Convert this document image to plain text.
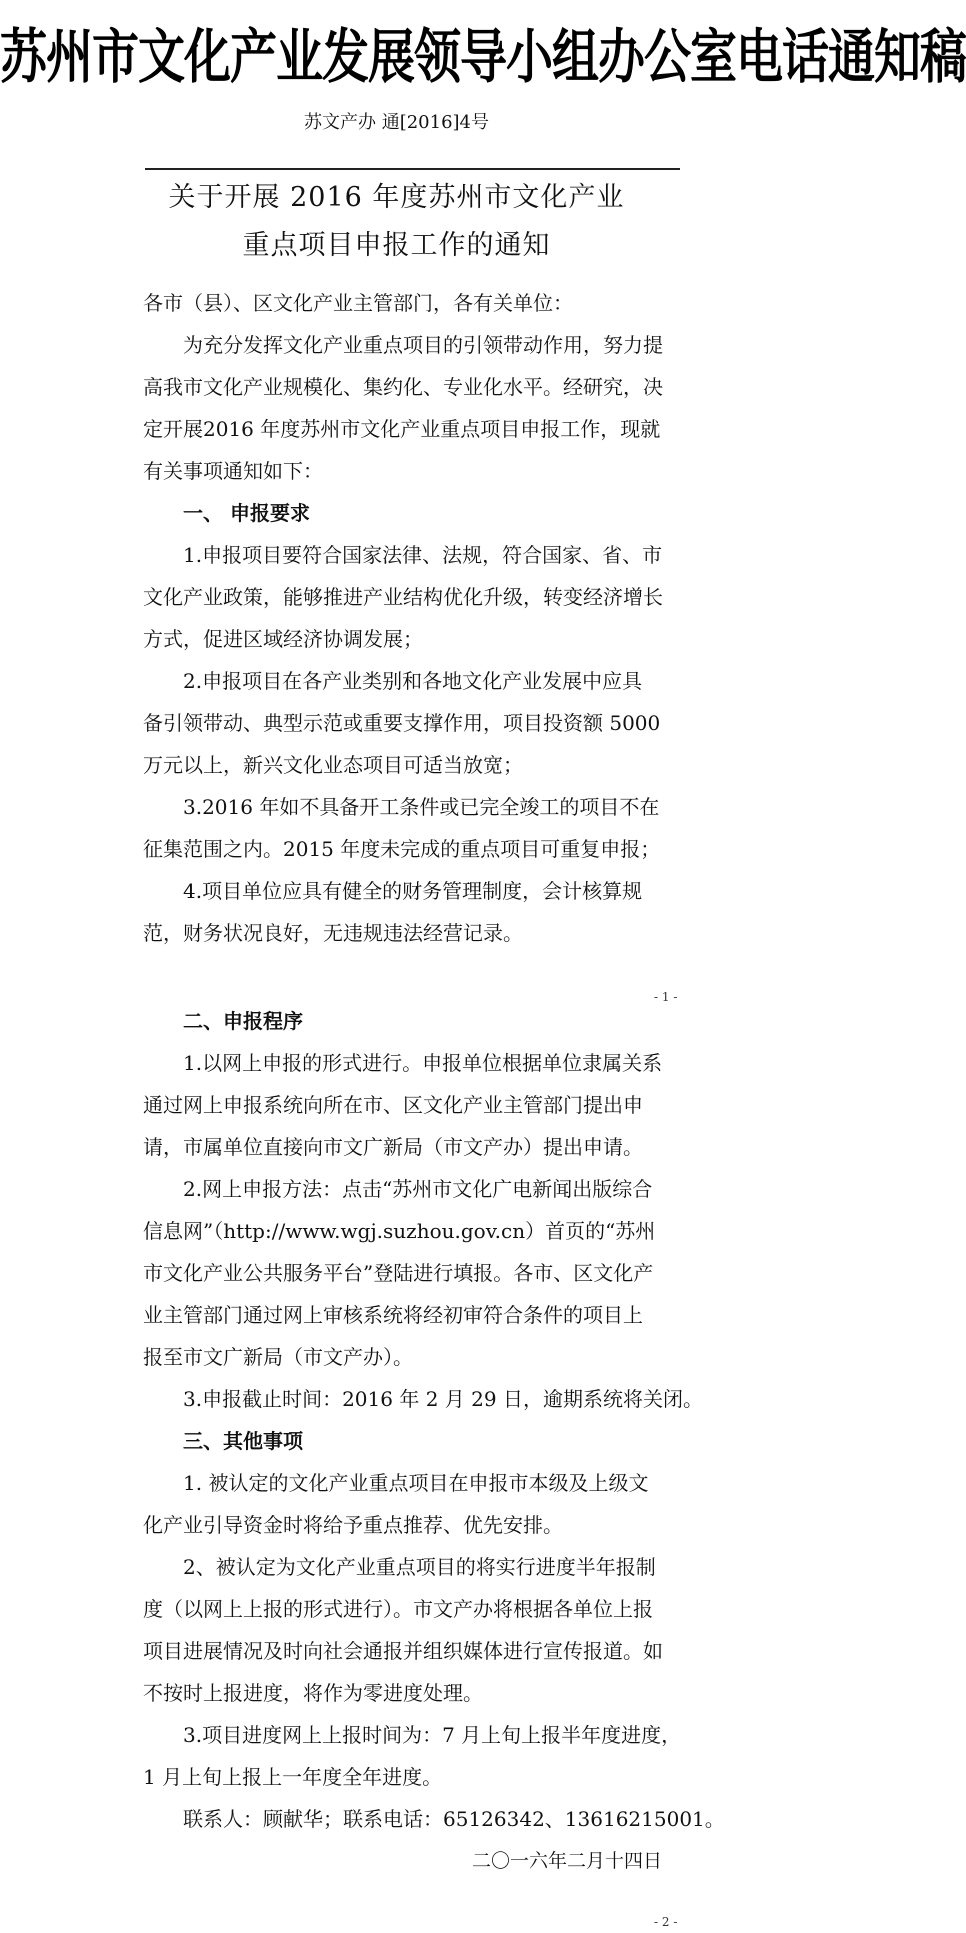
苏州市文化产业发展领导小组办公室电话通知稿
苏文产办 通[2016]4号
关于开展 2016 年度苏州市文化产业
重点项目申报工作的通知
各市（县）、区文化产业主管部门，各有关单位：
　　为充分发挥文化产业重点项目的引领带动作用，努力提
高我市文化产业规模化、集约化、专业化水平。经研究，决
定开展2016 年度苏州市文化产业重点项目申报工作，现就
有关事项通知如下：
　　一、 申报要求
　　1.申报项目要符合国家法律、法规，符合国家、省、市
文化产业政策，能够推进产业结构优化升级，转变经济增长
方式，促进区域经济协调发展；
　　2.申报项目在各产业类别和各地文化产业发展中应具
备引领带动、典型示范或重要支撑作用，项目投资额 5000
万元以上，新兴文化业态项目可适当放宽；
　　3.2016 年如不具备开工条件或已完全竣工的项目不在
征集范围之内。2015 年度未完成的重点项目可重复申报；
　　4.项目单位应具有健全的财务管理制度，会计核算规
范，财务状况良好，无违规违法经营记录。
- 1 -
　　二、申报程序
　　1.以网上申报的形式进行。申报单位根据单位隶属关系
通过网上申报系统向所在市、区文化产业主管部门提出申
请，市属单位直接向市文广新局（市文产办）提出申请。
　　2.网上申报方法：点击“苏州市文化广电新闻出版综合
信息网”（http://www.wgj.suzhou.gov.cn）首页的“苏州
市文化产业公共服务平台”登陆进行填报。各市、区文化产
业主管部门通过网上审核系统将经初审符合条件的项目上
报至市文广新局（市文产办）。
　　3.申报截止时间：2016 年 2 月 29 日，逾期系统将关闭。
　　三、其他事项
　　1. 被认定的文化产业重点项目在申报市本级及上级文
化产业引导资金时将给予重点推荐、优先安排。
　　2、被认定为文化产业重点项目的将实行进度半年报制
度（以网上上报的形式进行）。市文产办将根据各单位上报
项目进展情况及时向社会通报并组织媒体进行宣传报道。如
不按时上报进度，将作为零进度处理。
　　3.项目进度网上上报时间为：7 月上旬上报半年度进度，
1 月上旬上报上一年度全年进度。
　　联系人：顾献华；联系电话：65126342、13616215001。
二〇一六年二月十四日
- 2 -
